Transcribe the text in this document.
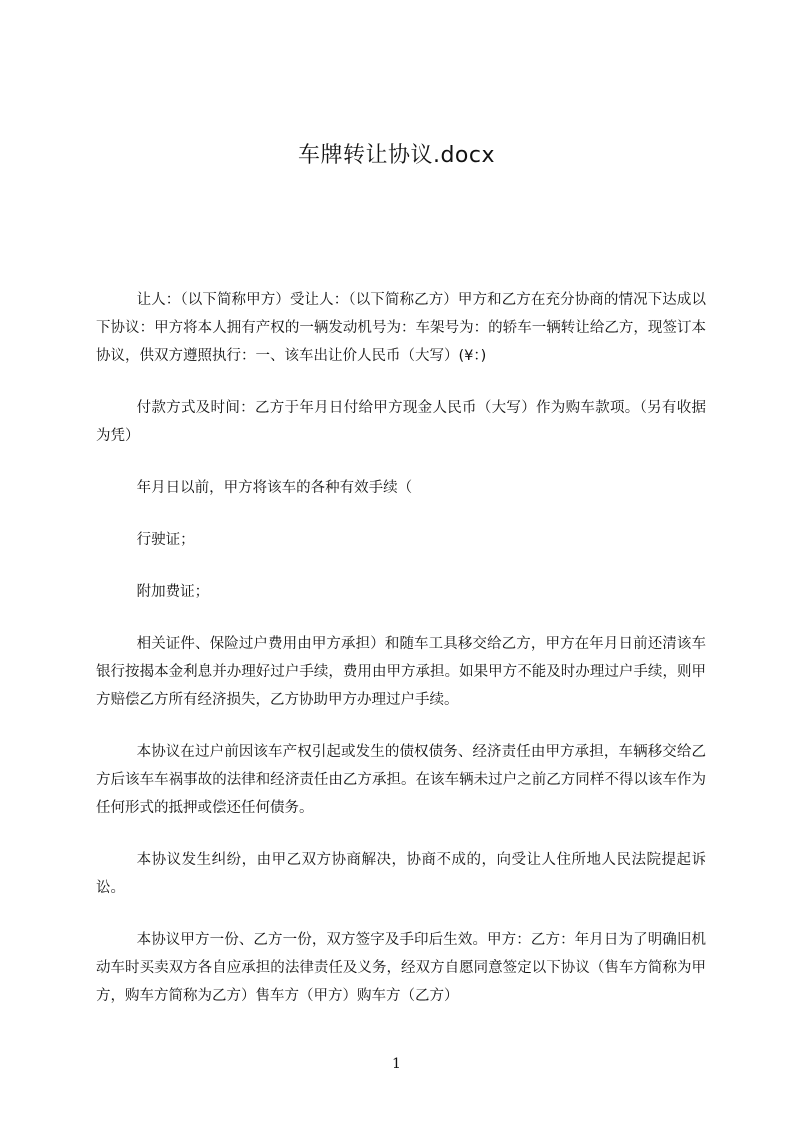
车牌转让协议.docx

让人：（以下简称甲方）受让人：（以下简称乙方）甲方和乙方在充分协商的情况下达成以下协议：甲方将本人拥有产权的一辆发动机号为：车架号为：的轿车一辆转让给乙方，现签订本协议，供双方遵照执行：一、该车出让价人民币（大写）(¥：)

付款方式及时间：乙方于年月日付给甲方现金人民币（大写）作为购车款项。（另有收据为凭）

年月日以前，甲方将该车的各种有效手续（

行驶证；

附加费证；

相关证件、保险过户费用由甲方承担）和随车工具移交给乙方，甲方在年月日前还清该车银行按揭本金利息并办理好过户手续，费用由甲方承担。如果甲方不能及时办理过户手续，则甲方赔偿乙方所有经济损失，乙方协助甲方办理过户手续。

本协议在过户前因该车产权引起或发生的债权债务、经济责任由甲方承担，车辆移交给乙方后该车车祸事故的法律和经济责任由乙方承担。在该车辆未过户之前乙方同样不得以该车作为任何形式的抵押或偿还任何债务。

本协议发生纠纷，由甲乙双方协商解决，协商不成的，向受让人住所地人民法院提起诉讼。

本协议甲方一份、乙方一份，双方签字及手印后生效。甲方：乙方：年月日为了明确旧机动车时买卖双方各自应承担的法律责任及义务，经双方自愿同意签定以下协议（售车方简称为甲方，购车方简称为乙方）售车方（甲方）购车方（乙方）

1
